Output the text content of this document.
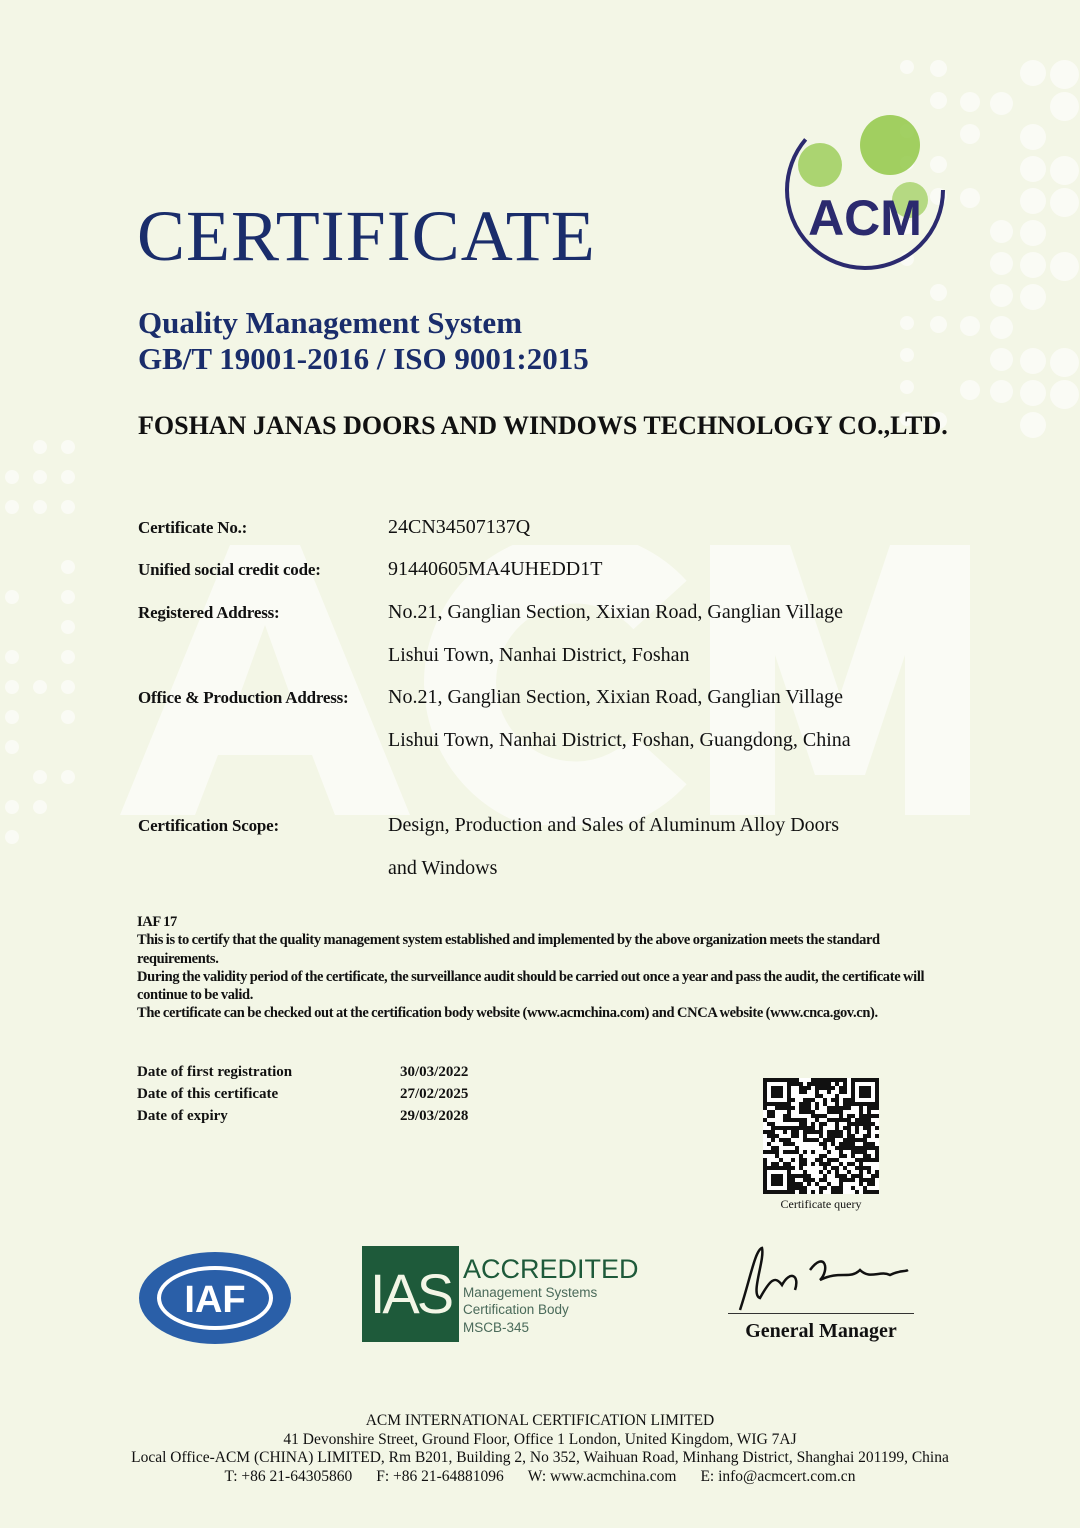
CERTIFICATE	ACM
Quality Management System
GB/T 19001-2016 / ISO 9001:2015
FOSHAN JANAS DOORS AND WINDOWS TECHNOLOGY CO.,LTD.
Certificate No.:	24CN34507137Q
Unified social credit code:	91440605MA4UHEDD1T
Registered Address:	No.21, Ganglian Section, Xixian Road, Ganglian Village
Lishui Town, Nanhai District, Foshan
Office & Production Address: No.21, Ganglian Section, Xixian Road, Ganglian Village
Lishui Town, Nanhai District, Foshan, Guangdong, China
Certification Scope:	Design, Production and Sales of Aluminum Alloy Doors
and Windows
IAF 17
This is to certify that the quality management system established and implemented by the above organization meets the standard requirements.
During the validity period of the certificate, the surveillance audit should be carried out once a year and pass the audit, the certificate will continue to be valid.
The certificate can be checked out at the certification body website (www.acmchina.com) and CNCA website (www.cnca.gov.cn).
Date of first registration	30/03/2022
Date of this certificate	27/02/2025
Date of expiry	29/03/2028
Certificate query
IAF IAS ACCREDITED
Management Systems
Certification Body
MSCB-345	General Manager
ACM INTERNATIONAL CERTIFICATION LIMITED
41 Devonshire Street, Ground Floor, Office 1 London, United Kingdom, WIG 7AJ
Local Office-ACM (CHINA) LIMITED, Rm B201, Building 2, No 352, Waihuan Road, Minhang District, Shanghai 201199, China
T: +86 21-64305860 F: +86 21-64881096 W: www.acmchina.com E: info@acmcert.com.cn
